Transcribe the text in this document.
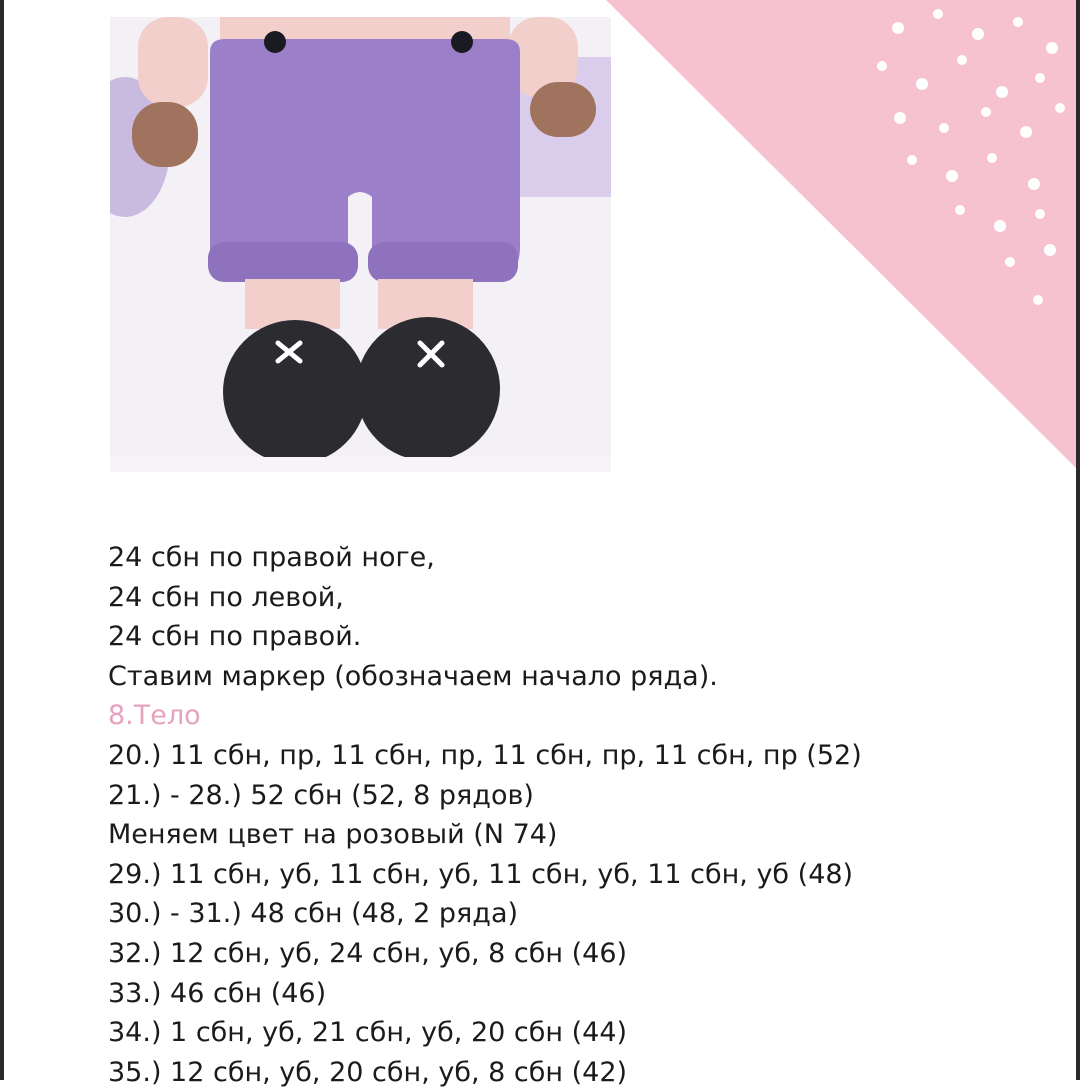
24 сбн по правой ноге,
24 сбн по левой,
24 сбн по правой.
Ставим маркер (обозначаем начало ряда).
8.Тело
20.) 11 сбн, пр, 11 сбн, пр, 11 сбн, пр, 11 сбн, пр (52)
21.) - 28.) 52 сбн (52, 8 рядов)
Меняем цвет на розовый (N 74)
29.) 11 сбн, уб, 11 сбн, уб, 11 сбн, уб, 11 сбн, уб (48)
30.) - 31.) 48 сбн (48, 2 ряда)
32.) 12 сбн, уб, 24 сбн, уб, 8 сбн (46)
33.) 46 сбн (46)
34.) 1 сбн, уб, 21 сбн, уб, 20 сбн (44)
35.) 12 сбн, уб, 20 сбн, уб, 8 сбн (42)
